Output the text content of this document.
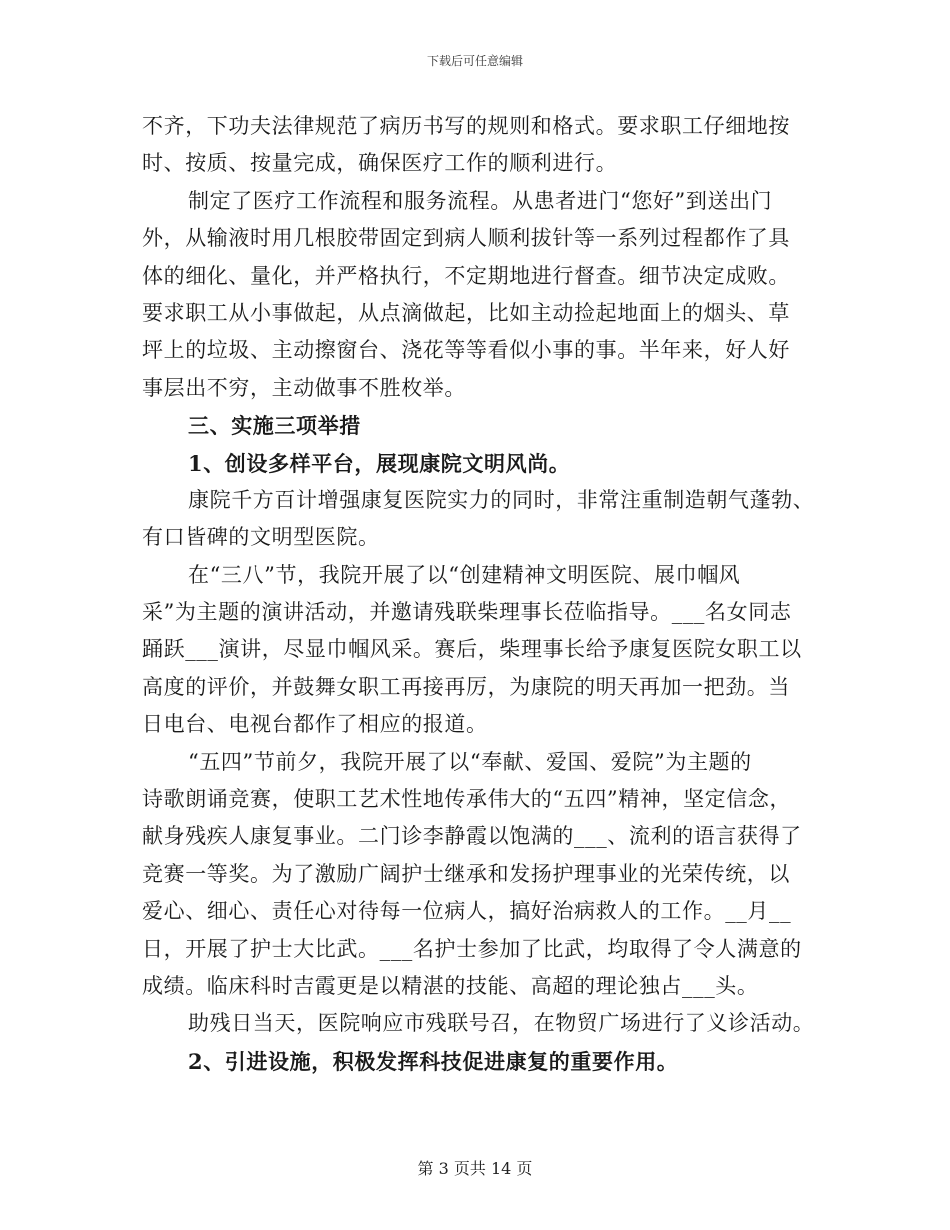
下载后可任意编辑
不齐，下功夫法律规范了病历书写的规则和格式。要求职工仔细地按
时、按质、按量完成，确保医疗工作的顺利进行。
制定了医疗工作流程和服务流程。从患者进门“您好”到送出门
外，从输液时用几根胶带固定到病人顺利拔针等一系列过程都作了具
体的细化、量化，并严格执行，不定期地进行督查。细节决定成败。
要求职工从小事做起，从点滴做起，比如主动捡起地面上的烟头、草
坪上的垃圾、主动擦窗台、浇花等等看似小事的事。半年来，好人好
事层出不穷，主动做事不胜枚举。
三、实施三项举措
1、创设多样平台，展现康院文明风尚。
康院千方百计增强康复医院实力的同时，非常注重制造朝气蓬勃、
有口皆碑的文明型医院。
在“三八”节，我院开展了以“创建精神文明医院、展巾帼风
采”为主题的演讲活动，并邀请残联柴理事长莅临指导。___名女同志
踊跃___演讲，尽显巾帼风采。赛后，柴理事长给予康复医院女职工以
高度的评价，并鼓舞女职工再接再厉，为康院的明天再加一把劲。当
日电台、电视台都作了相应的报道。
“五四”节前夕，我院开展了以“奉献、爱国、爱院”为主题的
诗歌朗诵竞赛，使职工艺术性地传承伟大的“五四”精神，坚定信念，
献身残疾人康复事业。二门诊李静霞以饱满的___、流利的语言获得了
竞赛一等奖。为了激励广阔护士继承和发扬护理事业的光荣传统，以
爱心、细心、责任心对待每一位病人，搞好治病救人的工作。__月__
日，开展了护士大比武。___名护士参加了比武，均取得了令人满意的
成绩。临床科时吉霞更是以精湛的技能、高超的理论独占___头。
助残日当天，医院响应市残联号召，在物贸广场进行了义诊活动。
2、引进设施，积极发挥科技促进康复的重要作用。
第 3 页共 14 页
